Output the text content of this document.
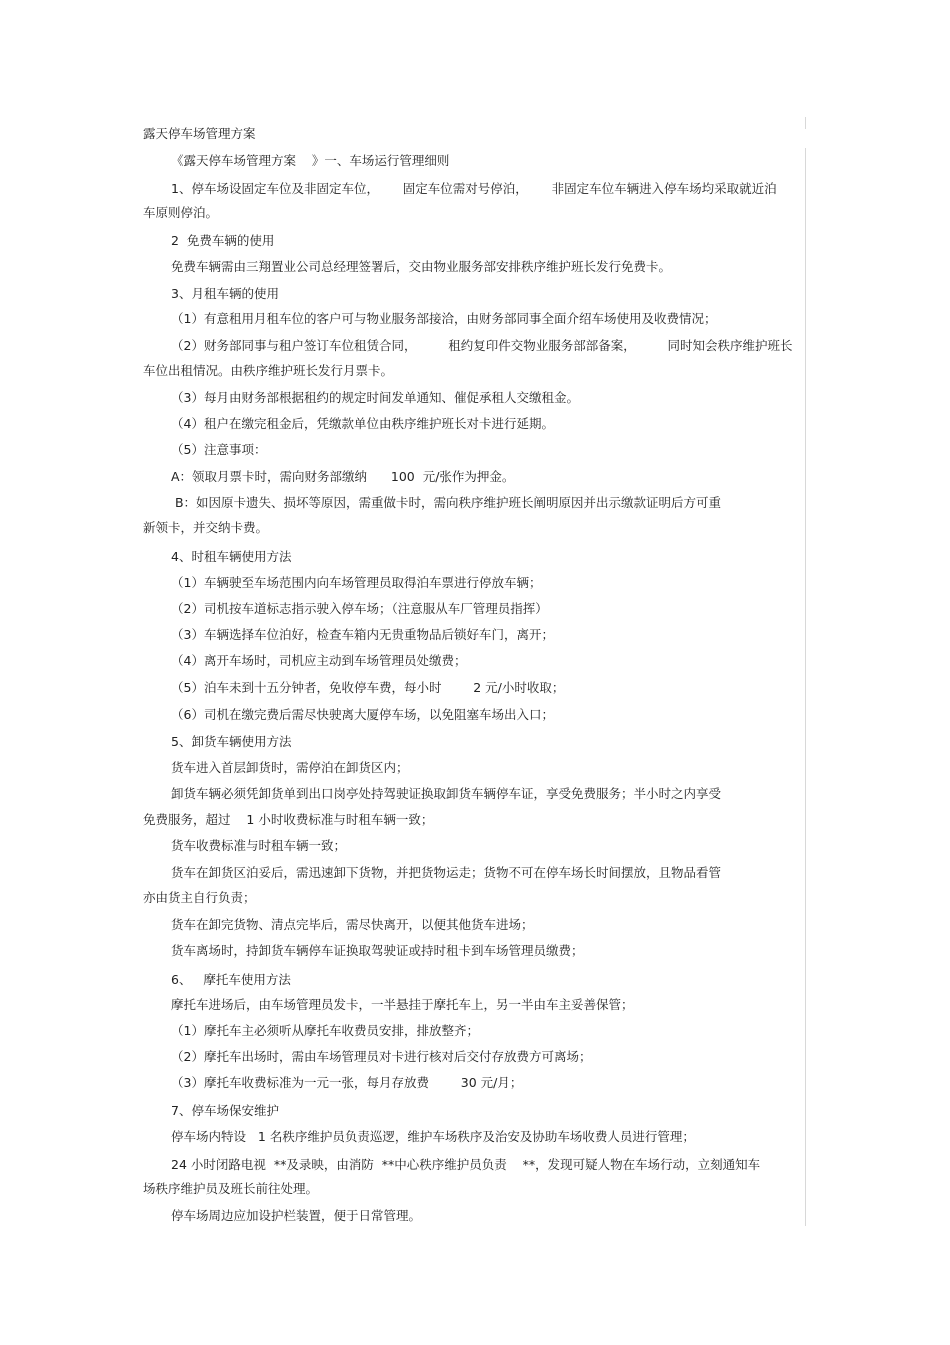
露天停车场管理方案
《露天停车场管理方案    》一、车场运行管理细则
1、停车场设固定车位及非固定车位，      固定车位需对号停泊，      非固定车位车辆进入停车场均采取就近泊
车原则停泊。
2  免费车辆的使用
免费车辆需由三翔置业公司总经理签署后，交由物业服务部安排秩序维护班长发行免费卡。
3、月租车辆的使用
（1）有意租用月租车位的客户可与物业服务部接洽，由财务部同事全面介绍车场使用及收费情况；
（2）财务部同事与租户签订车位租赁合同，        租约复印件交物业服务部部备案，        同时知会秩序维护班长
车位出租情况。由秩序维护班长发行月票卡。
（3）每月由财务部根据租约的规定时间发单通知、催促承租人交缴租金。
（4）租户在缴完租金后，凭缴款单位由秩序维护班长对卡进行延期。
（5）注意事项：
A：领取月票卡时，需向财务部缴纳      100  元/张作为押金。
B：如因原卡遗失、损坏等原因，需重做卡时，需向秩序维护班长阐明原因并出示缴款证明后方可重
新领卡，并交纳卡费。
4、时租车辆使用方法
（1）车辆驶至车场范围内向车场管理员取得泊车票进行停放车辆；
（2）司机按车道标志指示驶入停车场；（注意服从车厂管理员指挥）
（3）车辆选择车位泊好，检查车箱内无贵重物品后锁好车门，离开；
（4）离开车场时，司机应主动到车场管理员处缴费；
（5）泊车未到十五分钟者，免收停车费，每小时        2 元/小时收取；
（6）司机在缴完费后需尽快驶离大厦停车场，以免阻塞车场出入口；
5、卸货车辆使用方法
货车进入首层卸货时，需停泊在卸货区内；
卸货车辆必须凭卸货单到出口岗亭处持驾驶证换取卸货车辆停车证，享受免费服务；半小时之内享受
免费服务，超过    1 小时收费标准与时租车辆一致；
货车收费标准与时租车辆一致；
货车在卸货区泊妥后，需迅速卸下货物，并把货物运走；货物不可在停车场长时间摆放，且物品看管
亦由货主自行负责；
货车在卸完货物、清点完毕后，需尽快离开，以便其他货车进场；
货车离场时，持卸货车辆停车证换取驾驶证或持时租卡到车场管理员缴费；
6、   摩托车使用方法
摩托车进场后，由车场管理员发卡，一半悬挂于摩托车上，另一半由车主妥善保管；
（1）摩托车主必须听从摩托车收费员安排，排放整齐；
（2）摩托车出场时，需由车场管理员对卡进行核对后交付存放费方可离场；
（3）摩托车收费标准为一元一张，每月存放费        30 元/月；
7、停车场保安维护
停车场内特设   1 名秩序维护员负责巡逻，维护车场秩序及治安及协助车场收费人员进行管理；
24 小时闭路电视  **及录映，由消防  **中心秩序维护员负责    **，发现可疑人物在车场行动，立刻通知车
场秩序维护员及班长前往处理。
停车场周边应加设护栏装置，便于日常管理。
